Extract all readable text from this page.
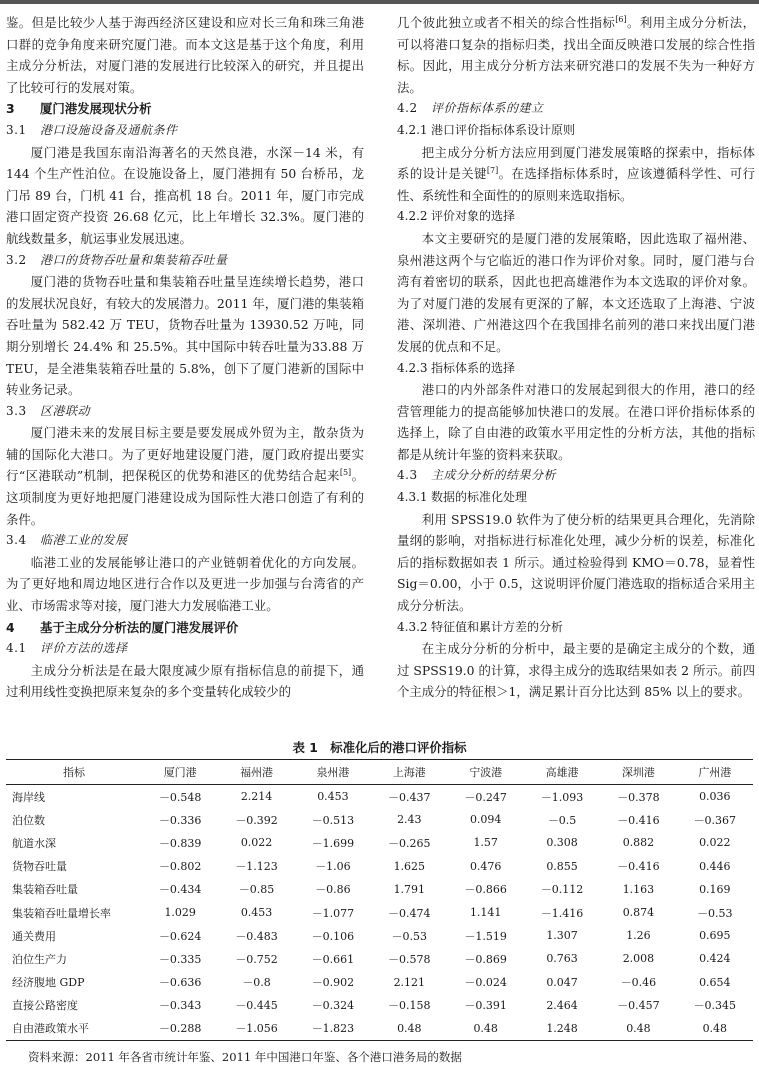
鉴。但是比较少人基于海西经济区建设和应对长三角和珠三角港口群的竞争角度来研究厦门港。而本文这是基于这个角度，利用主成分分析法，对厦门港的发展进行比较深入的研究，并且提出了比较可行的发展对策。
3 厦门港发展现状分析
3.1 港口设施设备及通航条件
厦门港是我国东南沿海著名的天然良港，水深－14 米，有144 个生产性泊位。在设施设备上，厦门港拥有 50 台桥吊，龙门吊 89 台，门机 41 台，推高机 18 台。2011 年，厦门市完成港口固定资产投资 26.68 亿元，比上年增长 32.3%。厦门港的航线数量多，航运事业发展迅速。
3.2 港口的货物吞吐量和集装箱吞吐量
厦门港的货物吞吐量和集装箱吞吐量呈连续增长趋势，港口的发展状况良好，有较大的发展潜力。2011 年，厦门港的集装箱吞吐量为 582.42 万 TEU，货物吞吐量为 13930.52 万吨，同期分别增长 24.4% 和 25.5%。其中国际中转吞吐量为33.88 万 TEU，是全港集装箱吞吐量的 5.8%，创下了厦门港新的国际中转业务记录。
3.3 区港联动
厦门港未来的发展目标主要是要发展成外贸为主，散杂货为辅的国际化大港口。为了更好地建设厦门港，厦门政府提出要实行“区港联动”机制，把保税区的优势和港区的优势结合起来[5]。这项制度为更好地把厦门港建设成为国际性大港口创造了有利的条件。
3.4 临港工业的发展
临港工业的发展能够让港口的产业链朝着优化的方向发展。为了更好地和周边地区进行合作以及更进一步加强与台湾省的产业、市场需求等对接，厦门港大力发展临港工业。
4 基于主成分分析法的厦门港发展评价
4.1 评价方法的选择
主成分分析法是在最大限度减少原有指标信息的前提下，通过利用线性变换把原来复杂的多个变量转化成较少的
几个彼此独立或者不相关的综合性指标[6]。利用主成分分析法，可以将港口复杂的指标归类，找出全面反映港口发展的综合性指标。因此，用主成分分析方法来研究港口的发展不失为一种好方法。
4.2 评价指标体系的建立
4.2.1 港口评价指标体系设计原则
把主成分分析方法应用到厦门港发展策略的探索中，指标体系的设计是关键[7]。在选择指标体系时，应该遵循科学性、可行性、系统性和全面性的的原则来选取指标。
4.2.2 评价对象的选择
本文主要研究的是厦门港的发展策略，因此选取了福州港、泉州港这两个与它临近的港口作为评价对象。同时，厦门港与台湾有着密切的联系，因此也把高雄港作为本文选取的评价对象。为了对厦门港的发展有更深的了解，本文还选取了上海港、宁波港、深圳港、广州港这四个在我国排名前列的港口来找出厦门港发展的优点和不足。
4.2.3 指标体系的选择
港口的内外部条件对港口的发展起到很大的作用，港口的经营管理能力的提高能够加快港口的发展。在港口评价指标体系的选择上，除了自由港的政策水平用定性的分析方法，其他的指标都是从统计年鉴的资料来获取。
4.3 主成分分析的结果分析
4.3.1 数据的标准化处理
利用 SPSS19.0 软件为了使分析的结果更具合理化，先消除量纲的影响，对指标进行标准化处理，减少分析的误差，标准化后的指标数据如表 1 所示。通过检验得到 KMO＝0.78，显着性 Sig＝0.00，小于 0.5，这说明评价厦门港选取的指标适合采用主成分分析法。
4.3.2 特征值和累计方差的分析
在主成分分析的分析中，最主要的是确定主成分的个数，通过 SPSS19.0 的计算，求得主成分的选取结果如表 2 所示。前四个主成分的特征根＞1，满足累计百分比达到 85% 以上的要求。
表 1　标准化后的港口评价指标
指标	厦门港	福州港	泉州港	上海港	宁波港	高雄港	深圳港	广州港
海岸线	－0.548	2.214	0.453	－0.437	－0.247	－1.093	－0.378	0.036
泊位数	－0.336	－0.392	－0.513	2.43	0.094	－0.5	－0.416	－0.367
航道水深	－0.839	0.022	－1.699	－0.265	1.57	0.308	0.882	0.022
货物吞吐量	－0.802	－1.123	－1.06	1.625	0.476	0.855	－0.416	0.446
集装箱吞吐量	－0.434	－0.85	－0.86	1.791	－0.866	－0.112	1.163	0.169
集装箱吞吐量增长率	1.029	0.453	－1.077	－0.474	1.141	－1.416	0.874	－0.53
通关费用	－0.624	－0.483	－0.106	－0.53	－1.519	1.307	1.26	0.695
泊位生产力	－0.335	－0.752	－0.661	－0.578	－0.869	0.763	2.008	0.424
经济腹地 GDP	－0.636	－0.8	－0.902	2.121	－0.024	0.047	－0.46	0.654
直接公路密度	－0.343	－0.445	－0.324	－0.158	－0.391	2.464	－0.457	－0.345
自由港政策水平	－0.288	－1.056	－1.823	0.48	0.48	1.248	0.48	0.48
资料来源：2011 年各省市统计年鉴、2011 年中国港口年鉴、各个港口港务局的数据
